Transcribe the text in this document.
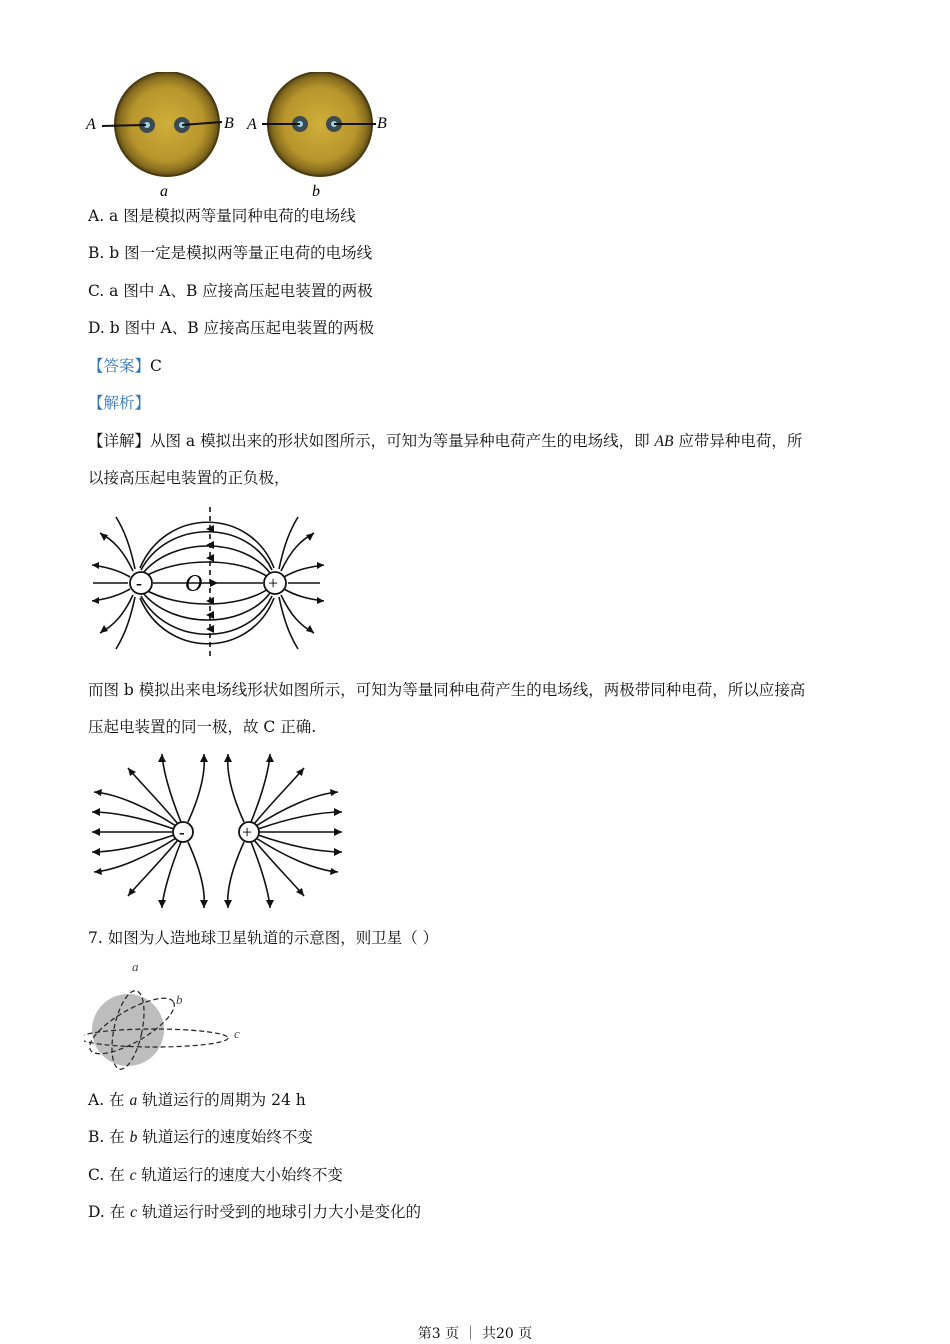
A	B A	B
a	b
A. a 图是模拟两等量同种电荷的电场线
B. b 图一定是模拟两等量正电荷的电场线
C. a 图中 A、B 应接高压起电装置的两极
D. b 图中 A、B 应接高压起电装置的两极
【答案】C
【解析】
【详解】从图 a 模拟出来的形状如图所示，可知为等量异种电荷产生的电场线，即 AB 应带异种电荷，所
以接高压起电装置的正负极，
-	+
O
而图 b 模拟出来电场线形状如图所示，可知为等量同种电荷产生的电场线，两极带同种电荷，所以应接高
压起电装置的同一极，故 C 正确.
-	+
7. 如图为人造地球卫星轨道的示意图，则卫星（ ）
a
b
c
A. 在 a 轨道运行的周期为 24 h
B. 在 b 轨道运行的速度始终不变
C. 在 c 轨道运行的速度大小始终不变
D. 在 c 轨道运行时受到的地球引力大小是变化的
第3 页 ｜ 共20 页
